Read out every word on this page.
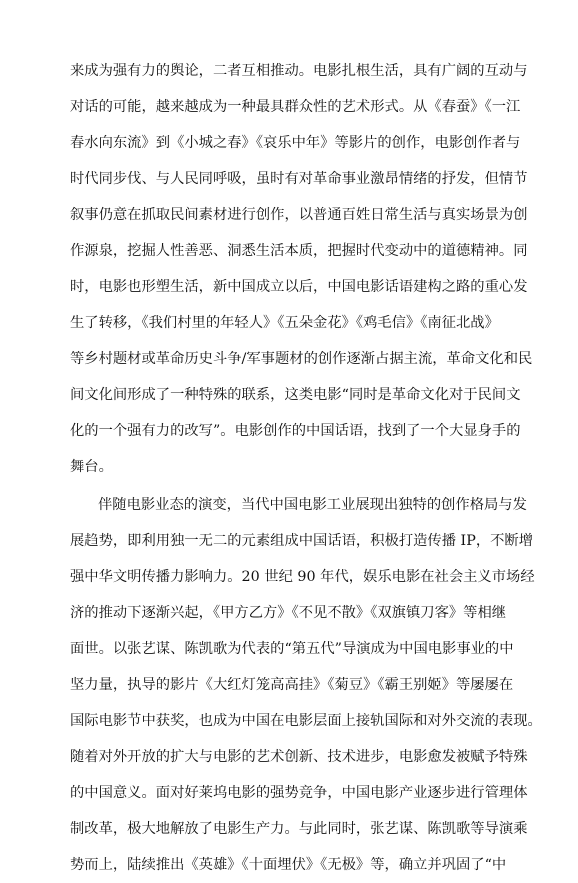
来成为强有力的舆论，二者互相推动。电影扎根生活，具有广阔的互动与
对话的可能，越来越成为一种最具群众性的艺术形式。从《春蚕》《一江
春水向东流》到《小城之春》《哀乐中年》等影片的创作，电影创作者与
时代同步伐、与人民同呼吸，虽时有对革命事业激昂情绪的抒发，但情节
叙事仍意在抓取民间素材进行创作，以普通百姓日常生活与真实场景为创
作源泉，挖掘人性善恶、洞悉生活本质，把握时代变动中的道德精神。同
时，电影也形塑生活，新中国成立以后，中国电影话语建构之路的重心发
生了转移，《我们村里的年轻人》《五朵金花》《鸡毛信》《南征北战》
等乡村题材或革命历史斗争/军事题材的创作逐渐占据主流，革命文化和民
间文化间形成了一种特殊的联系，这类电影“同时是革命文化对于民间文
化的一个强有力的改写”。电影创作的中国话语，找到了一个大显身手的
舞台。
伴随电影业态的演变，当代中国电影工业展现出独特的创作格局与发
展趋势，即利用独一无二的元素组成中国话语，积极打造传播 IP，不断增
强中华文明传播力影响力。20 世纪 90 年代，娱乐电影在社会主义市场经
济的推动下逐渐兴起，《甲方乙方》《不见不散》《双旗镇刀客》等相继
面世。以张艺谋、陈凯歌为代表的“第五代”导演成为中国电影事业的中
坚力量，执导的影片《大红灯笼高高挂》《菊豆》《霸王别姬》等屡屡在
国际电影节中获奖，也成为中国在电影层面上接轨国际和对外交流的表现。
随着对外开放的扩大与电影的艺术创新、技术进步，电影愈发被赋予特殊
的中国意义。面对好莱坞电影的强势竞争，中国电影产业逐步进行管理体
制改革，极大地解放了电影生产力。与此同时，张艺谋、陈凯歌等导演乘
势而上，陆续推出《英雄》《十面埋伏》《无极》等，确立并巩固了“中
